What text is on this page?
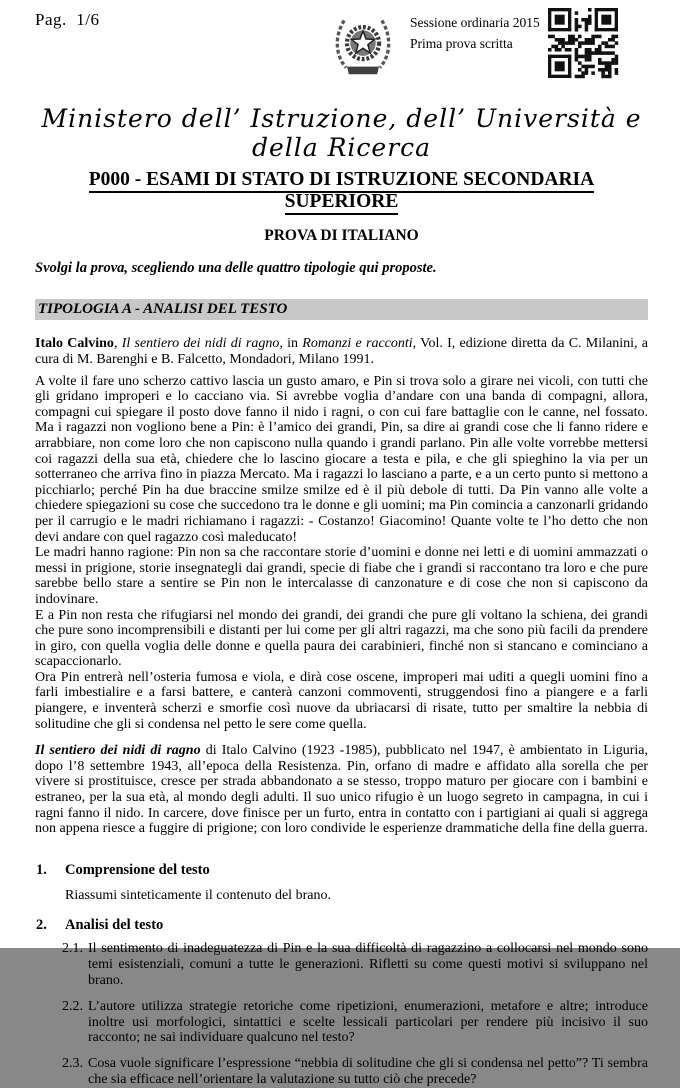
Pag.  1/6	Sessione ordinaria 2015
Prima prova scritta
Ministero dell’ Istruzione, dell’ Università e della Ricerca
P000 - ESAMI DI STATO DI ISTRUZIONE SECONDARIA SUPERIORE
PROVA DI ITALIANO
Svolgi la prova, scegliendo una delle quattro tipologie qui proposte.
TIPOLOGIA A - ANALISI DEL TESTO
Italo Calvino, Il sentiero dei nidi di ragno, in Romanzi e racconti, Vol. I, edizione diretta da C. Milanini, a cura di M. Barenghi e B. Falcetto, Mondadori, Milano 1991.

A volte il fare uno scherzo cattivo lascia un gusto amaro, e Pin si trova solo a girare nei vicoli, con tutti che gli gridano improperi e lo cacciano via. Si avrebbe voglia d’andare con una banda di compagni, allora, compagni cui spiegare il posto dove fanno il nido i ragni, o con cui fare battaglie con le canne, nel fossato. Ma i ragazzi non vogliono bene a Pin: è l’amico dei grandi, Pin, sa dire ai grandi cose che li fanno ridere e arrabbiare, non come loro che non capiscono nulla quando i grandi parlano. Pin alle volte vorrebbe mettersi coi ragazzi della sua età, chiedere che lo lascino giocare a testa e pila, e che gli spieghino la via per un sotterraneo che arriva fino in piazza Mercato. Ma i ragazzi lo lasciano a parte, e a un certo punto si mettono a picchiarlo; perché Pin ha due braccine smilze smilze ed è il più debole di tutti. Da Pin vanno alle volte a chiedere spiegazioni su cose che succedono tra le donne e gli uomini; ma Pin comincia a canzonarli gridando per il carrugio e le madri richiamano i ragazzi: - Costanzo! Giacomino! Quante volte te l’ho detto che non devi andare con quel ragazzo così maleducato!

Le madri hanno ragione: Pin non sa che raccontare storie d’uomini e donne nei letti e di uomini ammazzati o messi in prigione, storie insegnategli dai grandi, specie di fiabe che i grandi si raccontano tra loro e che pure sarebbe bello stare a sentire se Pin non le intercalasse di canzonature e di cose che non si capiscono da indovinare.

E a Pin non resta che rifugiarsi nel mondo dei grandi, dei grandi che pure gli voltano la schiena, dei grandi che pure sono incomprensibili e distanti per lui come per gli altri ragazzi, ma che sono più facili da prendere in giro, con quella voglia delle donne e quella paura dei carabinieri, finché non si stancano e cominciano a scapaccionarlo.

Ora Pin entrerà nell’osteria fumosa e viola, e dirà cose oscene, improperi mai uditi a quegli uomini fino a farli imbestialire e a farsi battere, e canterà canzoni commoventi, struggendosi fino a piangere e a farli piangere, e inventerà scherzi e smorfie così nuove da ubriacarsi di risate, tutto per smaltire la nebbia di solitudine che gli si condensa nel petto le sere come quella.

Il sentiero dei nidi di ragno di Italo Calvino (1923 -1985), pubblicato nel 1947, è ambientato in Liguria, dopo l’8 settembre 1943, all’epoca della Resistenza. Pin, orfano di madre e affidato alla sorella che per vivere si prostituisce, cresce per strada abbandonato a se stesso, troppo maturo per giocare con i bambini e estraneo, per la sua età, al mondo degli adulti. Il suo unico rifugio è un luogo segreto in campagna, in cui i ragni fanno il nido. In carcere, dove finisce per un furto, entra in contatto con i partigiani ai quali si aggrega non appena riesce a fuggire di prigione; con loro condivide le esperienze drammatiche della fine della guerra.
1.	Comprensione del testo
Riassumi sinteticamente il contenuto del brano.
2.	Analisi del testo
2.1. Il sentimento di inadeguatezza di Pin e la sua difficoltà di ragazzino a collocarsi nel mondo sono temi esistenziali, comuni a tutte le generazioni. Rifletti su come questi motivi si sviluppano nel brano.
2.2. L’autore utilizza strategie retoriche come ripetizioni, enumerazioni, metafore e altre; introduce inoltre usi morfologici, sintattici e scelte lessicali particolari per rendere più incisivo il suo racconto; ne sai individuare qualcuno nel testo?
2.3. Cosa vuole significare l’espressione “nebbia di solitudine che gli si condensa nel petto”? Ti sembra che sia efficace nell’orientare la valutazione su tutto ciò che precede?
